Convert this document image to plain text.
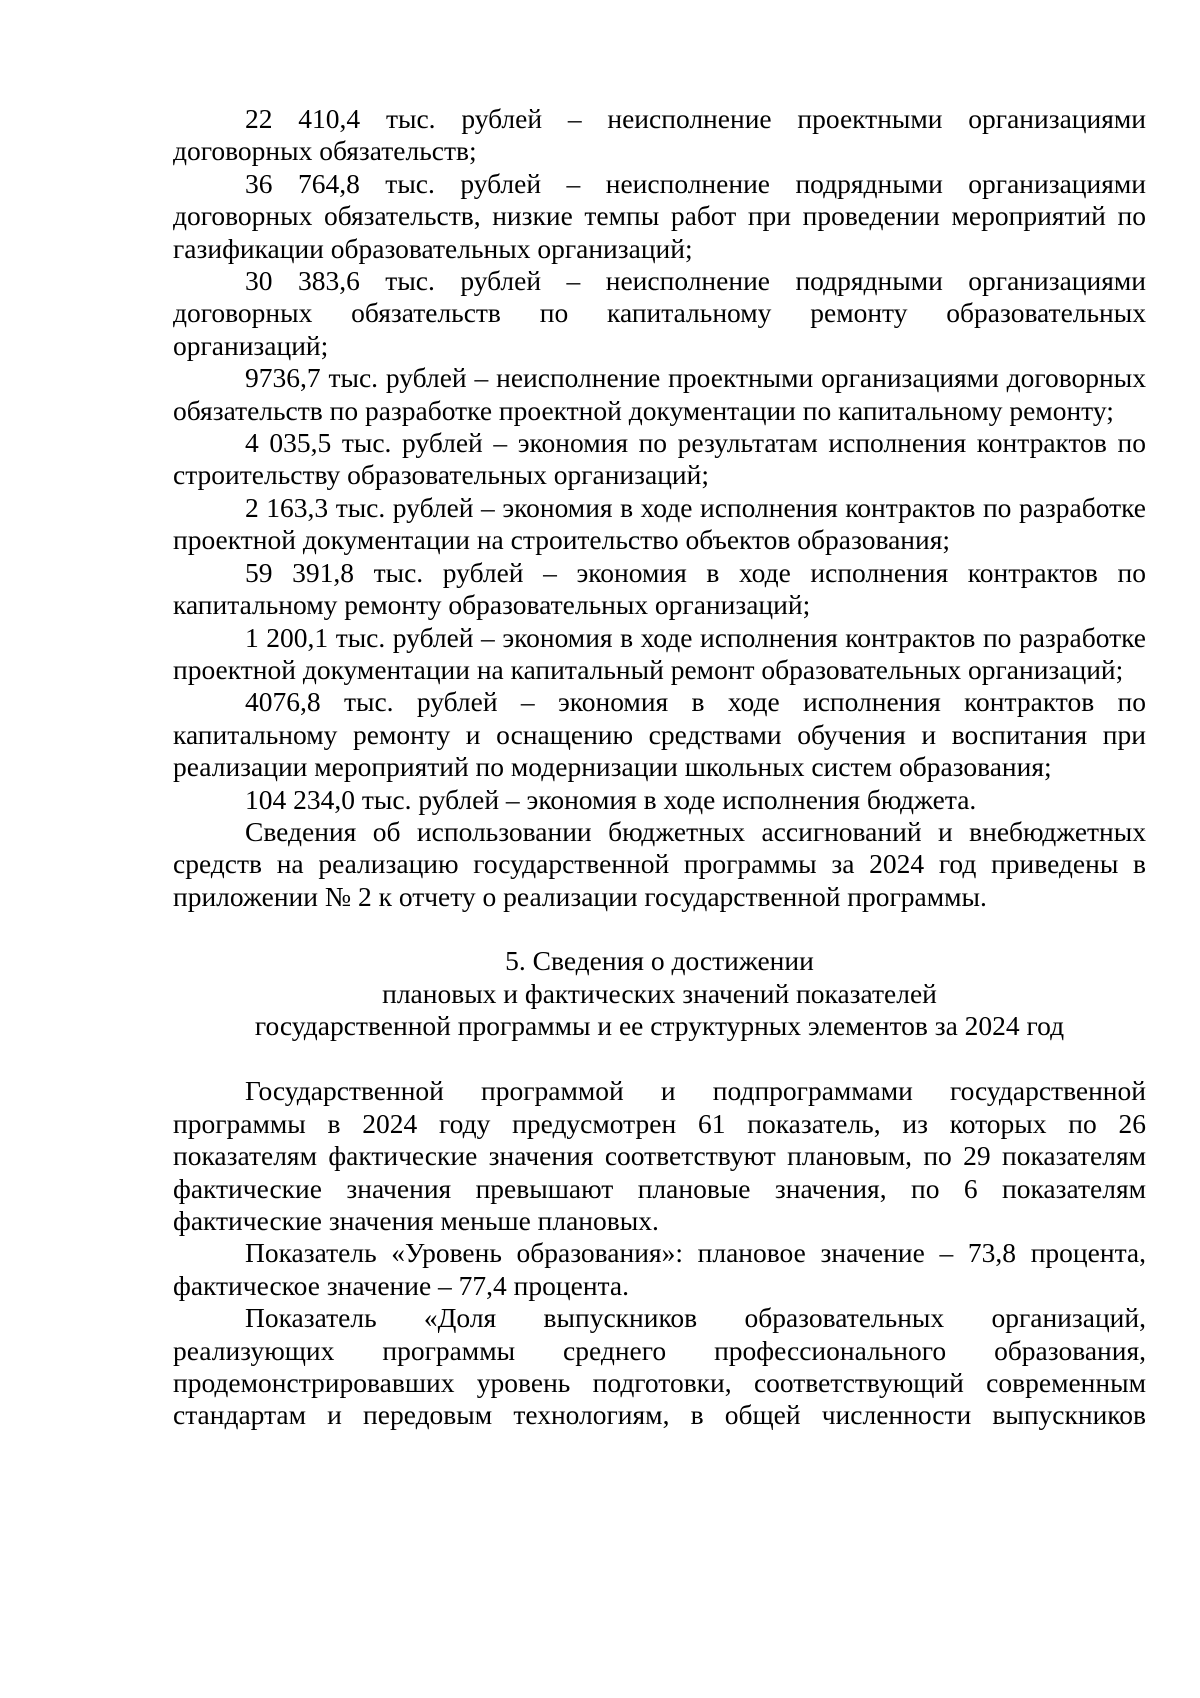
22 410,4 тыс. рублей – неисполнение проектными организациями договорных обязательств;

36 764,8 тыс. рублей – неисполнение подрядными организациями договорных обязательств, низкие темпы работ при проведении мероприятий по газификации образовательных организаций;

30 383,6 тыс. рублей – неисполнение подрядными организациями договорных обязательств по капитальному ремонту образовательных организаций;

9736,7 тыс. рублей – неисполнение проектными организациями договорных обязательств по разработке проектной документации по капитальному ремонту;

4 035,5 тыс. рублей – экономия по результатам исполнения контрактов по строительству образовательных организаций;

2 163,3 тыс. рублей – экономия в ходе исполнения контрактов по разработке проектной документации на строительство объектов образования;

59 391,8 тыс. рублей – экономия в ходе исполнения контрактов по капитальному ремонту образовательных организаций;

1 200,1 тыс. рублей – экономия в ходе исполнения контрактов по разработке проектной документации на капитальный ремонт образовательных организаций;

4076,8 тыс. рублей – экономия в ходе исполнения контрактов по капитальному ремонту и оснащению средствами обучения и воспитания при реализации мероприятий по модернизации школьных систем образования;

104 234,0 тыс. рублей – экономия в ходе исполнения бюджета.

Сведения об использовании бюджетных ассигнований и внебюджетных средств на реализацию государственной программы за 2024 год приведены в приложении № 2 к отчету о реализации государственной программы.

5. Сведения о достижении
плановых и фактических значений показателей
государственной программы и ее структурных элементов за 2024 год

Государственной программой и подпрограммами государственной программы в 2024 году предусмотрен 61 показатель, из которых по 26 показателям фактические значения соответствуют плановым, по 29 показателям фактические значения превышают плановые значения, по 6 показателям фактические значения меньше плановых.

Показатель «Уровень образования»: плановое значение – 73,8 процента, фактическое значение – 77,4 процента.

Показатель «Доля выпускников образовательных организаций, реализующих программы среднего профессионального образования, продемонстрировавших уровень подготовки, соответствующий современным стандартам и передовым технологиям, в общей численности выпускников
